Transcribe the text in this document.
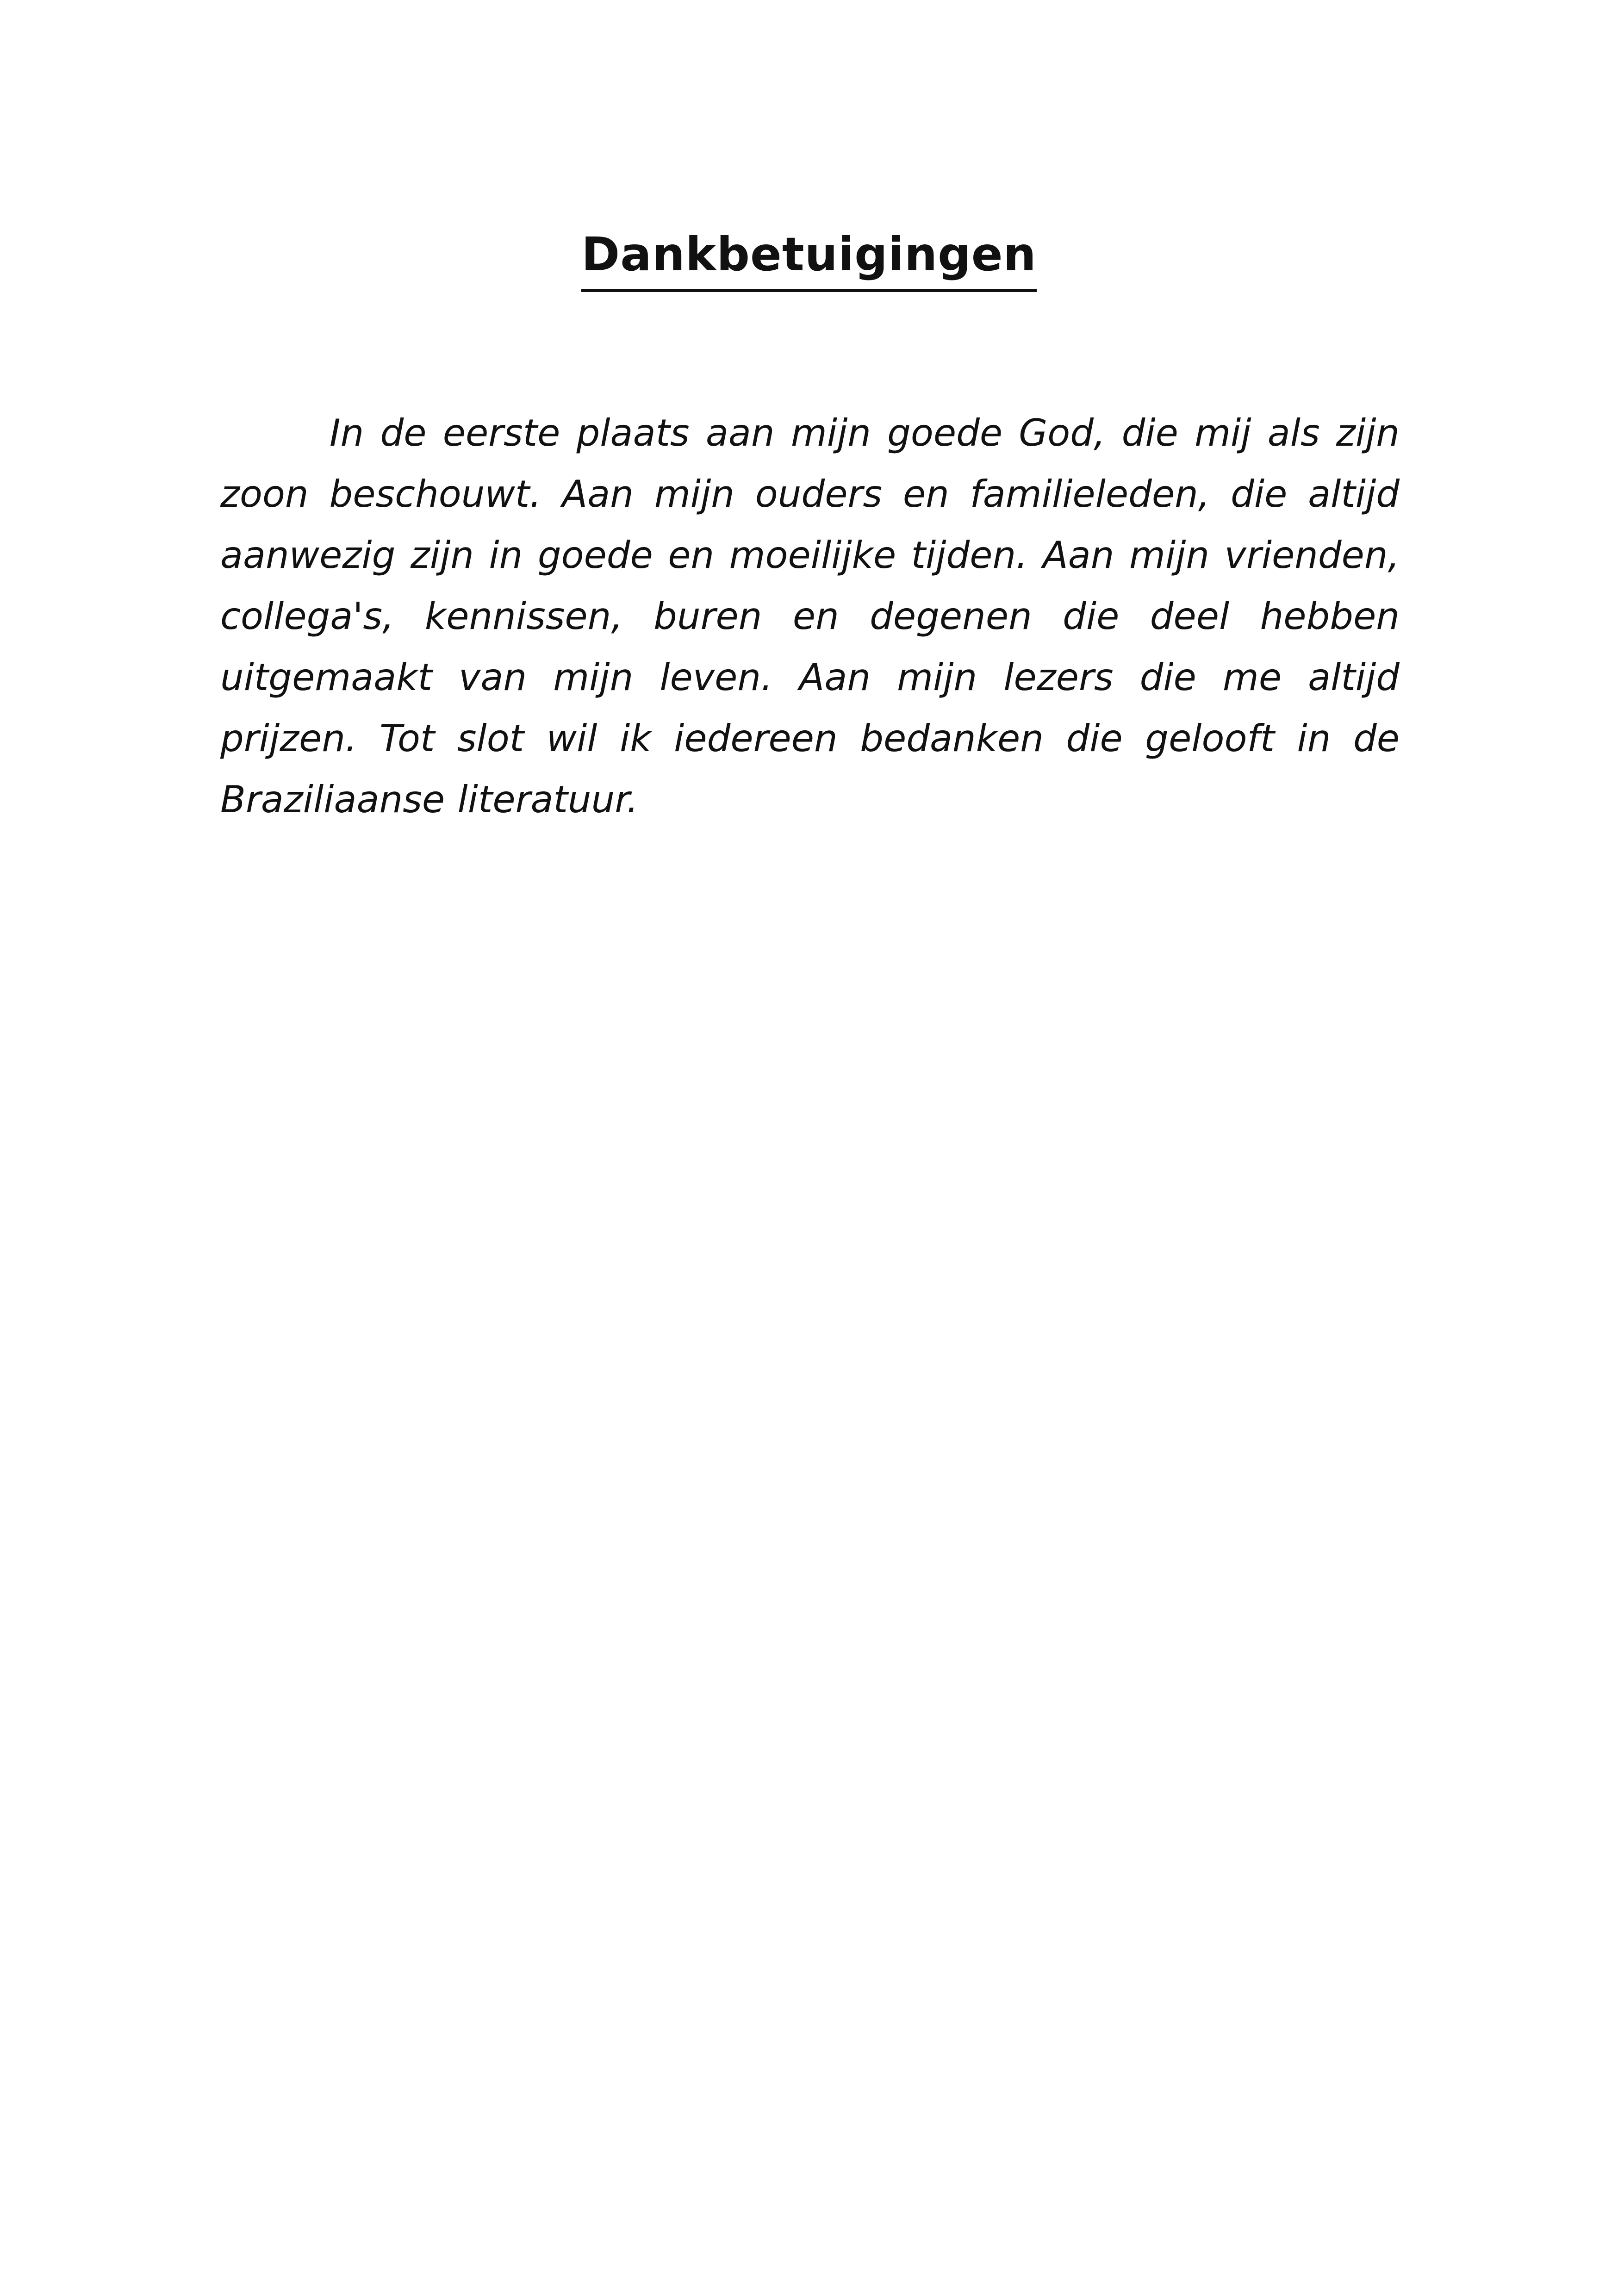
Dankbetuigingen

In de eerste plaats aan mijn goede God, die mij als zijn zoon beschouwt. Aan mijn ouders en familieleden, die altijd aanwezig zijn in goede en moeilijke tijden. Aan mijn vrienden, collega's, kennissen, buren en degenen die deel hebben uitgemaakt van mijn leven. Aan mijn lezers die me altijd prijzen. Tot slot wil ik iedereen bedanken die gelooft in de Braziliaanse literatuur.
